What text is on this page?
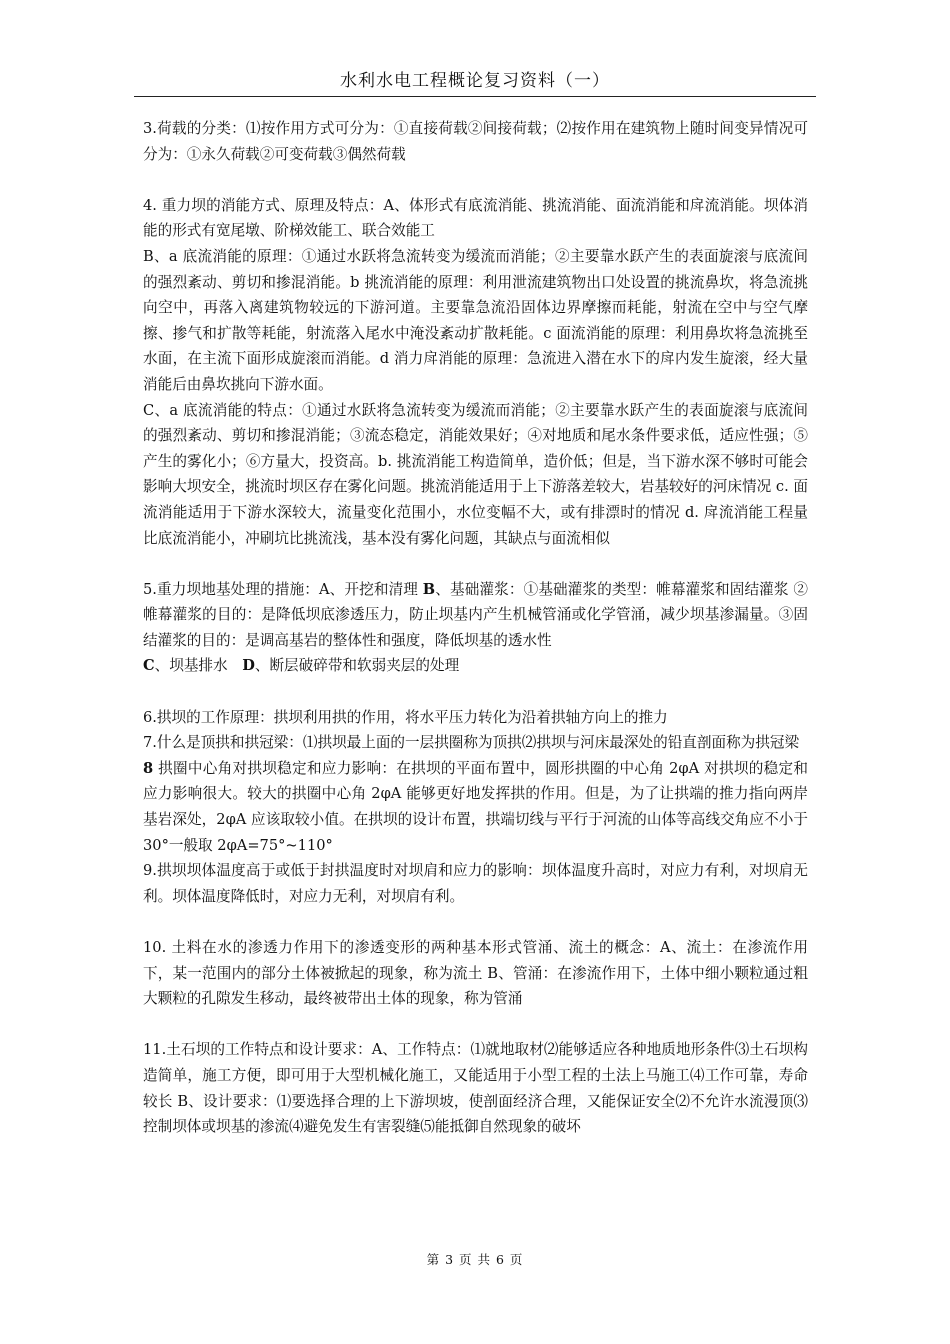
水利水电工程概论复习资料（一）

3.荷载的分类：⑴按作用方式可分为：①直接荷载②间接荷载；⑵按作用在建筑物上随时间变异情况可分为：①永久荷载②可变荷载③偶然荷载

4. 重力坝的消能方式、原理及特点：A、体形式有底流消能、挑流消能、面流消能和戽流消能。坝体消能的形式有宽尾墩、阶梯效能工、联合效能工

B、a 底流消能的原理：①通过水跃将急流转变为缓流而消能；②主要靠水跃产生的表面旋滚与底流间的强烈紊动、剪切和掺混消能。b 挑流消能的原理：利用泄流建筑物出口处设置的挑流鼻坎，将急流挑向空中，再落入离建筑物较远的下游河道。主要靠急流沿固体边界摩擦而耗能，射流在空中与空气摩擦、掺气和扩散等耗能，射流落入尾水中淹没紊动扩散耗能。c 面流消能的原理：利用鼻坎将急流挑至水面，在主流下面形成旋滚而消能。d 消力戽消能的原理：急流进入潜在水下的戽内发生旋滚，经大量消能后由鼻坎挑向下游水面。

C、a 底流消能的特点：①通过水跃将急流转变为缓流而消能；②主要靠水跃产生的表面旋滚与底流间的强烈紊动、剪切和掺混消能；③流态稳定，消能效果好；④对地质和尾水条件要求低，适应性强；⑤产生的雾化小；⑥方量大，投资高。b. 挑流消能工构造简单，造价低；但是，当下游水深不够时可能会影响大坝安全，挑流时坝区存在雾化问题。挑流消能适用于上下游落差较大，岩基较好的河床情况 c. 面流消能适用于下游水深较大，流量变化范围小，水位变幅不大，或有排漂时的情况 d. 戽流消能工程量比底流消能小，冲刷坑比挑流浅，基本没有雾化问题，其缺点与面流相似

5.重力坝地基处理的措施：A、开挖和清理 B、基础灌浆：①基础灌浆的类型：帷幕灌浆和固结灌浆 ②帷幕灌浆的目的：是降低坝底渗透压力，防止坝基内产生机械管涌或化学管涌，减少坝基渗漏量。③固结灌浆的目的：是调高基岩的整体性和强度，降低坝基的透水性
C、坝基排水　D、断层破碎带和软弱夹层的处理

6.拱坝的工作原理：拱坝利用拱的作用，将水平压力转化为沿着拱轴方向上的推力

7.什么是顶拱和拱冠梁：⑴拱坝最上面的一层拱圈称为顶拱⑵拱坝与河床最深处的铅直剖面称为拱冠梁

8 拱圈中心角对拱坝稳定和应力影响：在拱坝的平面布置中，圆形拱圈的中心角 2φA 对拱坝的稳定和应力影响很大。较大的拱圈中心角 2φA 能够更好地发挥拱的作用。但是，为了让拱端的推力指向两岸基岩深处，2φA 应该取较小值。在拱坝的设计布置，拱端切线与平行于河流的山体等高线交角应不小于 30°一般取 2φA=75°~110°

9.拱坝坝体温度高于或低于封拱温度时对坝肩和应力的影响：坝体温度升高时，对应力有利，对坝肩无利。坝体温度降低时，对应力无利，对坝肩有利。

10. 土料在水的渗透力作用下的渗透变形的两种基本形式管涌、流土的概念：A、流土：在渗流作用下，某一范围内的部分土体被掀起的现象，称为流土 B、管涌：在渗流作用下，土体中细小颗粒通过粗大颗粒的孔隙发生移动，最终被带出土体的现象，称为管涌

11.土石坝的工作特点和设计要求：A、工作特点：⑴就地取材⑵能够适应各种地质地形条件⑶土石坝构造简单，施工方便，即可用于大型机械化施工，又能适用于小型工程的土法上马施工⑷工作可靠，寿命较长 B、设计要求：⑴要选择合理的上下游坝坡，使剖面经济合理，又能保证安全⑵不允许水流漫顶⑶控制坝体或坝基的渗流⑷避免发生有害裂缝⑸能抵御自然现象的破坏

第 3 页 共 6 页
